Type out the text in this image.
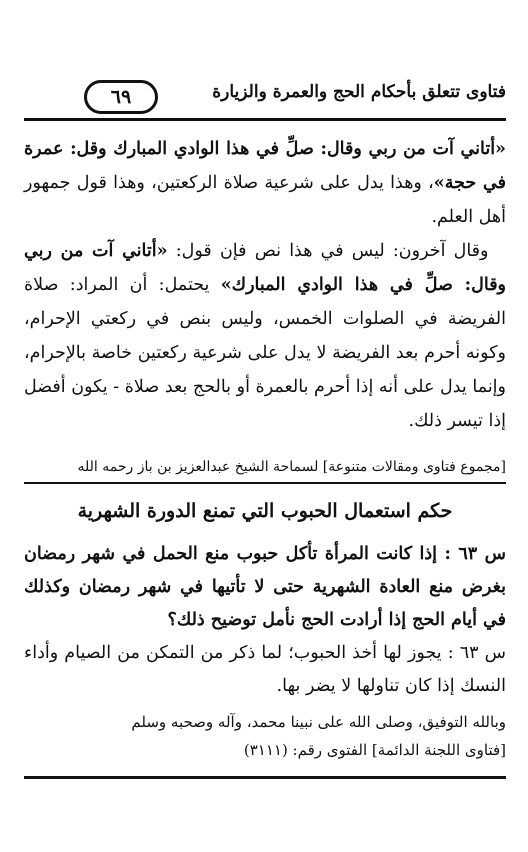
فتاوى تتعلق بأحكام الحج والعمرة والزيارة
٦٩

«أتاني آت من ربي وقال: صلِّ في هذا الوادي المبارك وقل: عمرة في حجة»، وهذا يدل على شرعية صلاة الركعتين، وهذا قول جمهور أهل العلم.

 وقال آخرون: ليس في هذا نص فإن قول: «أتاني آت من ربي وقال: صلِّ في هذا الوادي المبارك» يحتمل: أن المراد: صلاة الفريضة في الصلوات الخمس، وليس بنص في ركعتي الإحرام، وكونه أحرم بعد الفريضة لا يدل على شرعية ركعتين خاصة بالإحرام، وإنما يدل على أنه إذا أحرم بالعمرة أو بالحج بعد صلاة - يكون أفضل إذا تيسر ذلك.

[مجموع فتاوى ومقالات متنوعة] لسماحة الشيخ عبدالعزيز بن باز رحمه الله
حكم استعمال الحبوب التي تمنع الدورة الشهرية

س ٦٣ : إذا كانت المرأة تأكل حبوب منع الحمل في شهر رمضان بغرض منع العادة الشهرية حتى لا تأتيها في شهر رمضان وكذلك في أيام الحج إذا أرادت الحج نأمل توضيح ذلك؟

س ٦٣ : يجوز لها أخذ الحبوب؛ لما ذكر من التمكن من الصيام وأداء النسك إذا كان تناولها لا يضر بها.

وبالله التوفيق، وصلى الله على نبينا محمد، وآله وصحبه وسلم
[فتاوى اللجنة الدائمة] الفتوى رقم: (٣١١١)
